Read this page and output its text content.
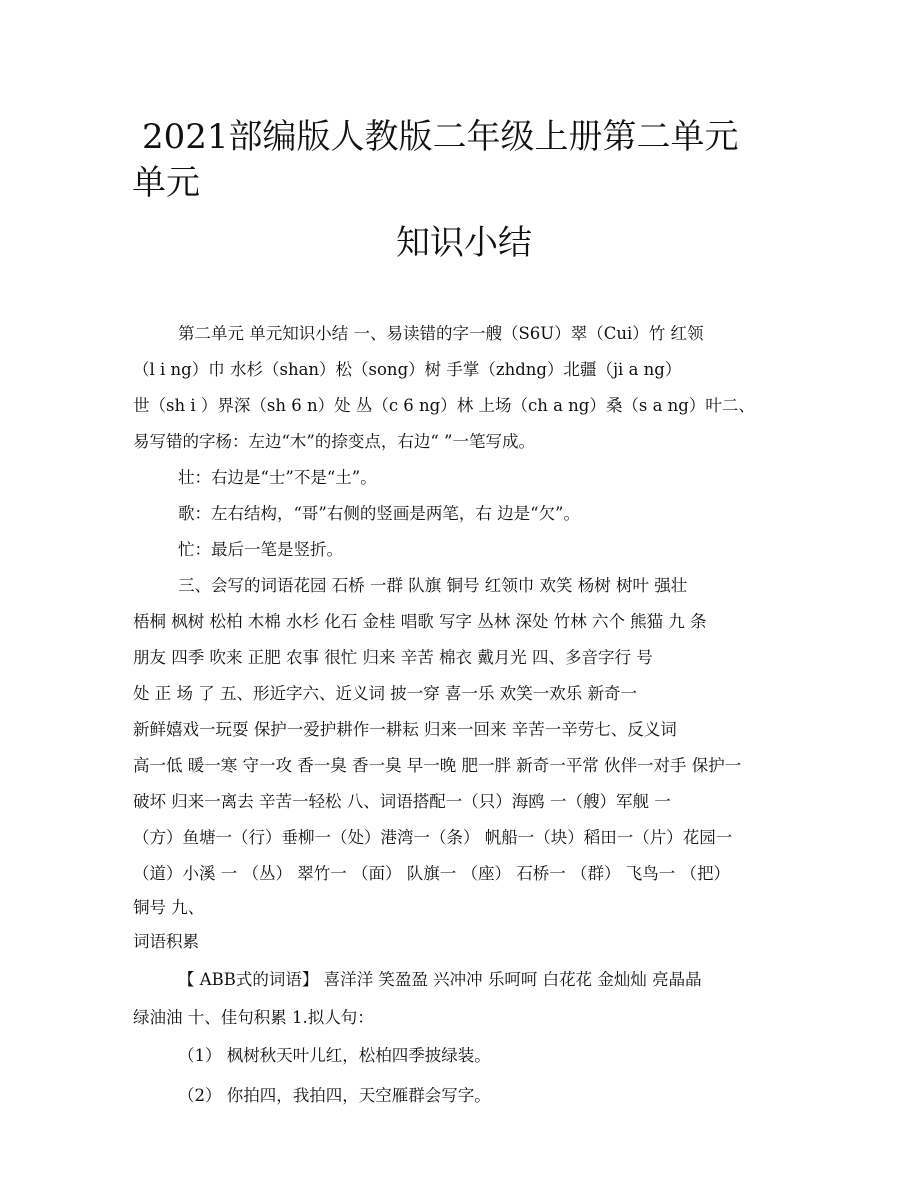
2021部编版人教版二年级上册第二单元
单元
知识小结
第二单元 单元知识小结 一、易读错的字一艘（S6U）翠（Cui）竹 红领
（l i ng）巾 水杉（shan）松（song）树 手掌（zhdng）北疆（ji a ng）
世（sh i ）界深（sh 6 n）处 丛（c 6 ng）林 上场（ch a ng）桑（s a ng）叶二、
易写错的字杨：左边“木”的捺变点，右边“ ”一笔写成。
壮：右边是“士”不是“土”。
歌：左右结构，“哥”右侧的竖画是两笔，右 边是“欠”。
忙：最后一笔是竖折。
三、会写的词语花园 石桥 一群 队旗 铜号 红领巾 欢笑 杨树 树叶 强壮
梧桐 枫树 松柏 木棉 水杉 化石 金桂 唱歌 写字 丛林 深处 竹林 六个 熊猫 九 条
朋友 四季 吹来 正肥 农事 很忙 归来 辛苦 棉衣 戴月光 四、多音字行 号
处 正 场 了 五、形近字六、近义词 披一穿 喜一乐 欢笑一欢乐 新奇一
新鲜嬉戏一玩耍 保护一爱护耕作一耕耘 归来一回来 辛苦一辛劳七、反义词
高一低 暖一寒 守一攻 香一臭 香一臭 早一晚 肥一胖 新奇一平常 伙伴一对手 保护一
破坏 归来一离去 辛苦一轻松 八、词语搭配一（只）海鸥 一（艘）军舰 一
（方）鱼塘一（行）垂柳一（处）港湾一（条） 帆船一（块）稻田一（片）花园一
（道）小溪 一 （丛） 翠竹一 （面） 队旗一 （座） 石桥一 （群） 飞鸟一 （把）
铜号 九、
词语积累
【 ABB式的词语】 喜洋洋 笑盈盈 兴冲冲 乐呵呵 白花花 金灿灿 亮晶晶
绿油油 十、佳句积累 1.拟人句：
（1） 枫树秋天叶儿红，松柏四季披绿装。
（2） 你拍四，我拍四，天空雁群会写字。
